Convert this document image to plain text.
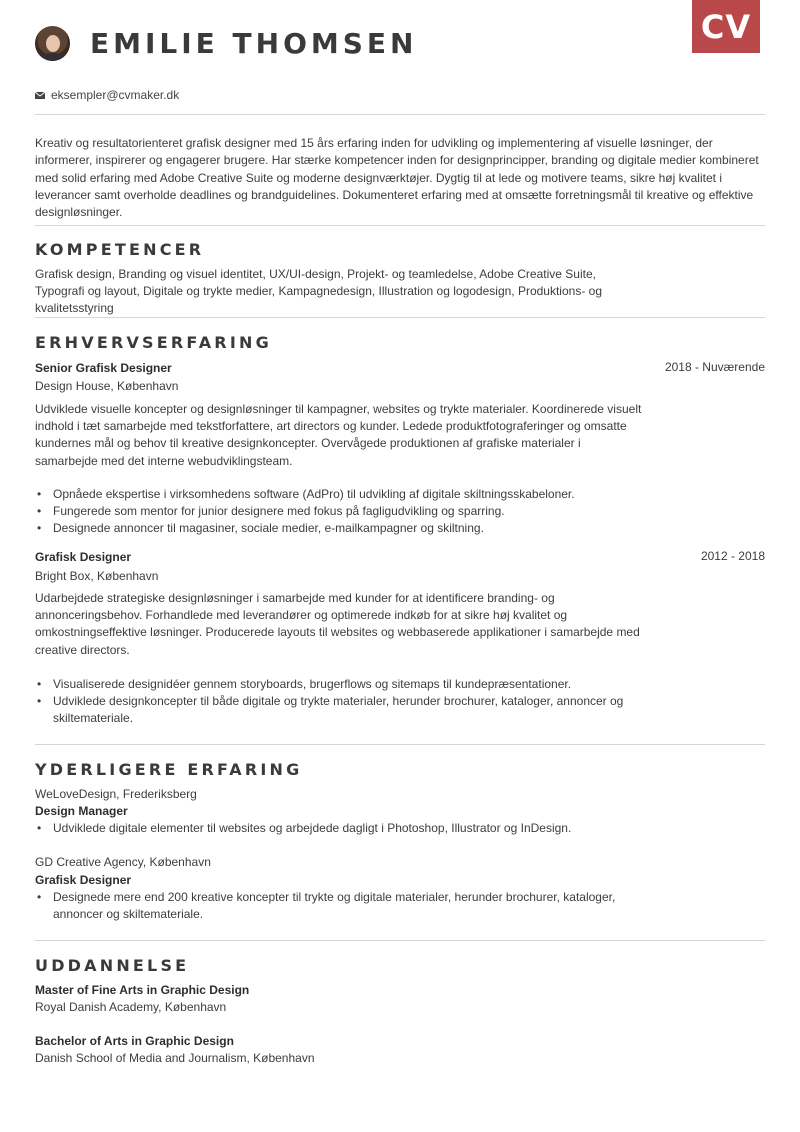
CV
EMILIE THOMSEN
eksempler@cvmaker.dk
Kreativ og resultatorienteret grafisk designer med 15 års erfaring inden for udvikling og implementering af visuelle løsninger, der informerer, inspirerer og engagerer brugere. Har stærke kompetencer inden for designprincipper, branding og digitale medier kombineret med solid erfaring med Adobe Creative Suite og moderne designværktøjer. Dygtig til at lede og motivere teams, sikre høj kvalitet i leverancer samt overholde deadlines og brandguidelines. Dokumenteret erfaring med at omsætte forretningsmål til kreative og effektive designløsninger.
KOMPETENCER
Grafisk design, Branding og visuel identitet, UX/UI-design, Projekt- og teamledelse, Adobe Creative Suite, Typografi og layout, Digitale og trykte medier, Kampagnedesign, Illustration og logodesign, Produktions- og kvalitetsstyring
ERHVERVSERFARING
Senior Grafisk Designer	2018 - Nuværende
Design House, København
Udviklede visuelle koncepter og designløsninger til kampagner, websites og trykte materialer. Koordinerede visuelt indhold i tæt samarbejde med tekstforfattere, art directors og kunder. Ledede produktfotograferinger og omsatte kundernes mål og behov til kreative designkoncepter. Overvågede produktionen af grafiske materialer i samarbejde med det interne webudviklingsteam.
• Opnåede ekspertise i virksomhedens software (AdPro) til udvikling af digitale skiltningsskabeloner.
• Fungerede som mentor for junior designere med fokus på fagligudvikling og sparring.
• Designede annoncer til magasiner, sociale medier, e-mailkampagner og skiltning.
Grafisk Designer	2012 - 2018
Bright Box, København
Udarbejdede strategiske designløsninger i samarbejde med kunder for at identificere branding- og annonceringsbehov. Forhandlede med leverandører og optimerede indkøb for at sikre høj kvalitet og omkostningseffektive løsninger. Producerede layouts til websites og webbaserede applikationer i samarbejde med creative directors.
• Visualiserede designidéer gennem storyboards, brugerflows og sitemaps til kundepræsentationer.
• Udviklede designkoncepter til både digitale og trykte materialer, herunder brochurer, kataloger, annoncer og skiltemateriale.
YDERLIGERE ERFARING
WeLoveDesign, Frederiksberg
Design Manager
• Udviklede digitale elementer til websites og arbejdede dagligt i Photoshop, Illustrator og InDesign.
GD Creative Agency, København
Grafisk Designer
• Designede mere end 200 kreative koncepter til trykte og digitale materialer, herunder brochurer, kataloger, annoncer og skiltemateriale.
UDDANNELSE
Master of Fine Arts in Graphic Design
Royal Danish Academy, København
Bachelor of Arts in Graphic Design
Danish School of Media and Journalism, København
